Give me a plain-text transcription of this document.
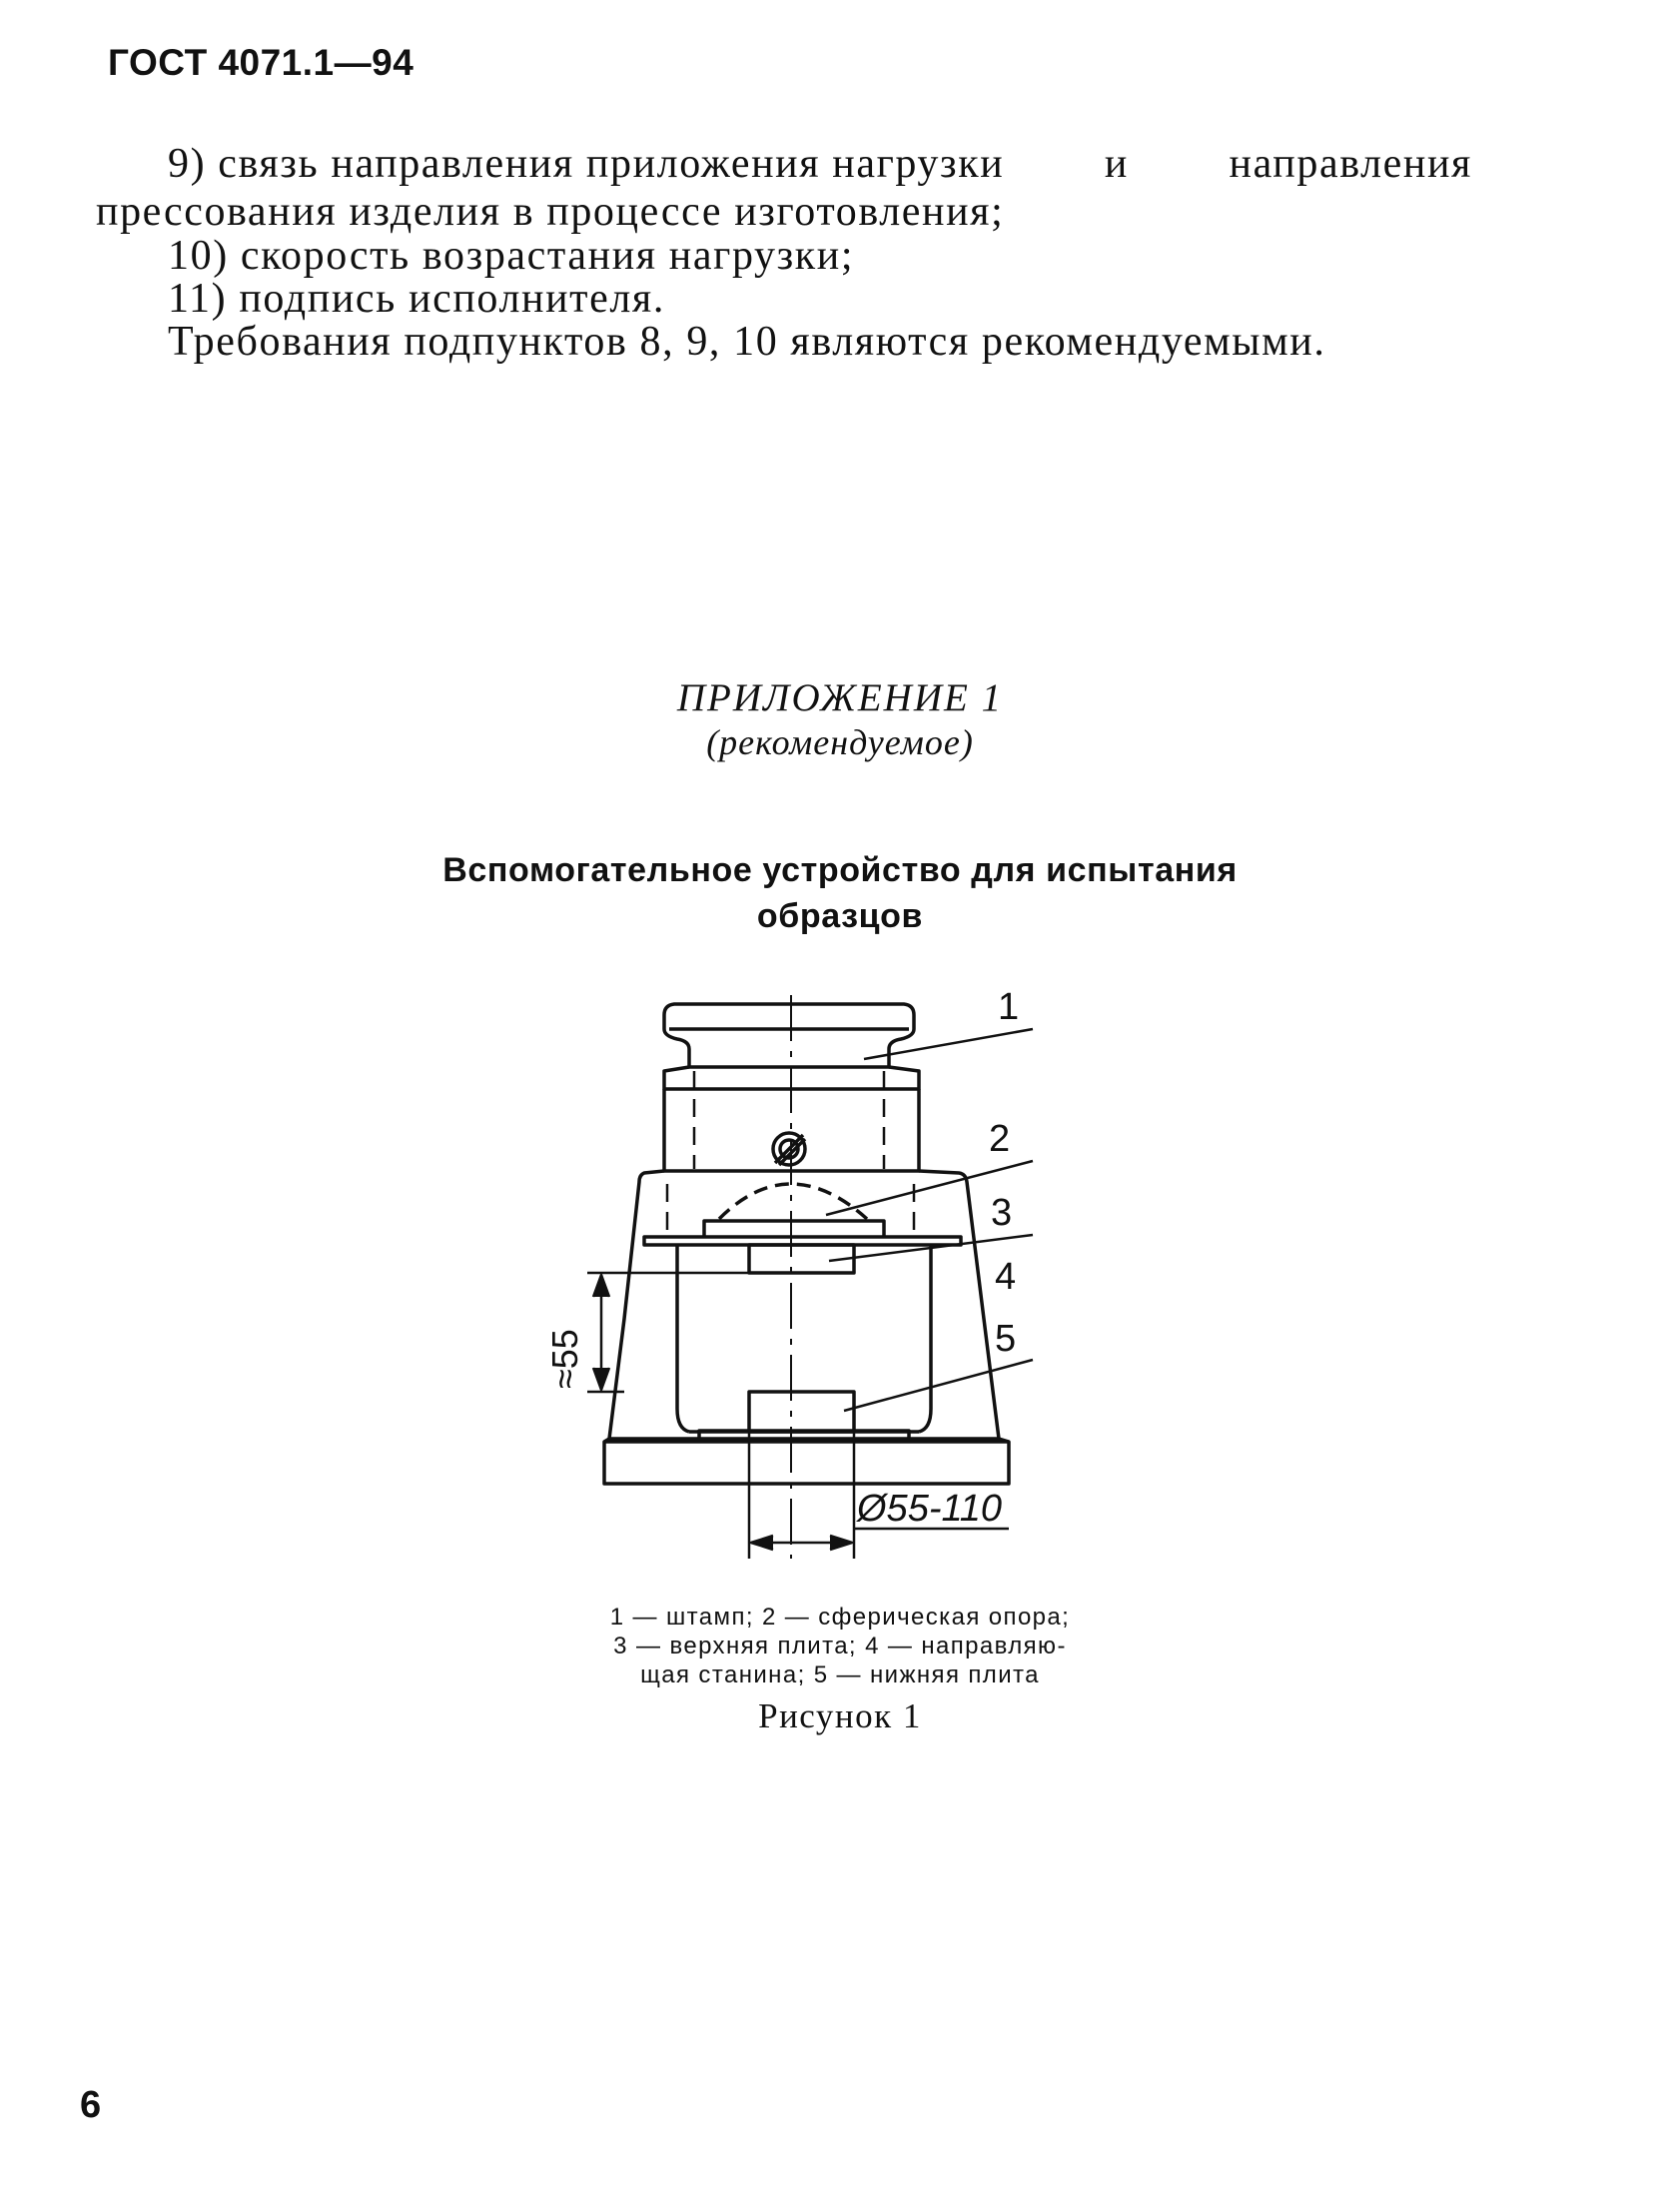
ГОСТ 4071.1—94
9) связь направления приложения нагрузки и направления
прессования изделия в процессе изготовления;
10) скорость возрастания нагрузки;
11) подпись исполнителя.
Требования подпунктов 8, 9, 10 являются рекомендуемыми.
ПРИЛОЖЕНИЕ 1
(рекомендуемое)
Вспомогательное устройство для испытания
образцов
1
2
3
4
5
≈55
Ø55-110
1 — штамп; 2 — сферическая опора;
3 — верхняя плита; 4 — направляю-
щая станина; 5 — нижняя плита
Рисунок 1
6
